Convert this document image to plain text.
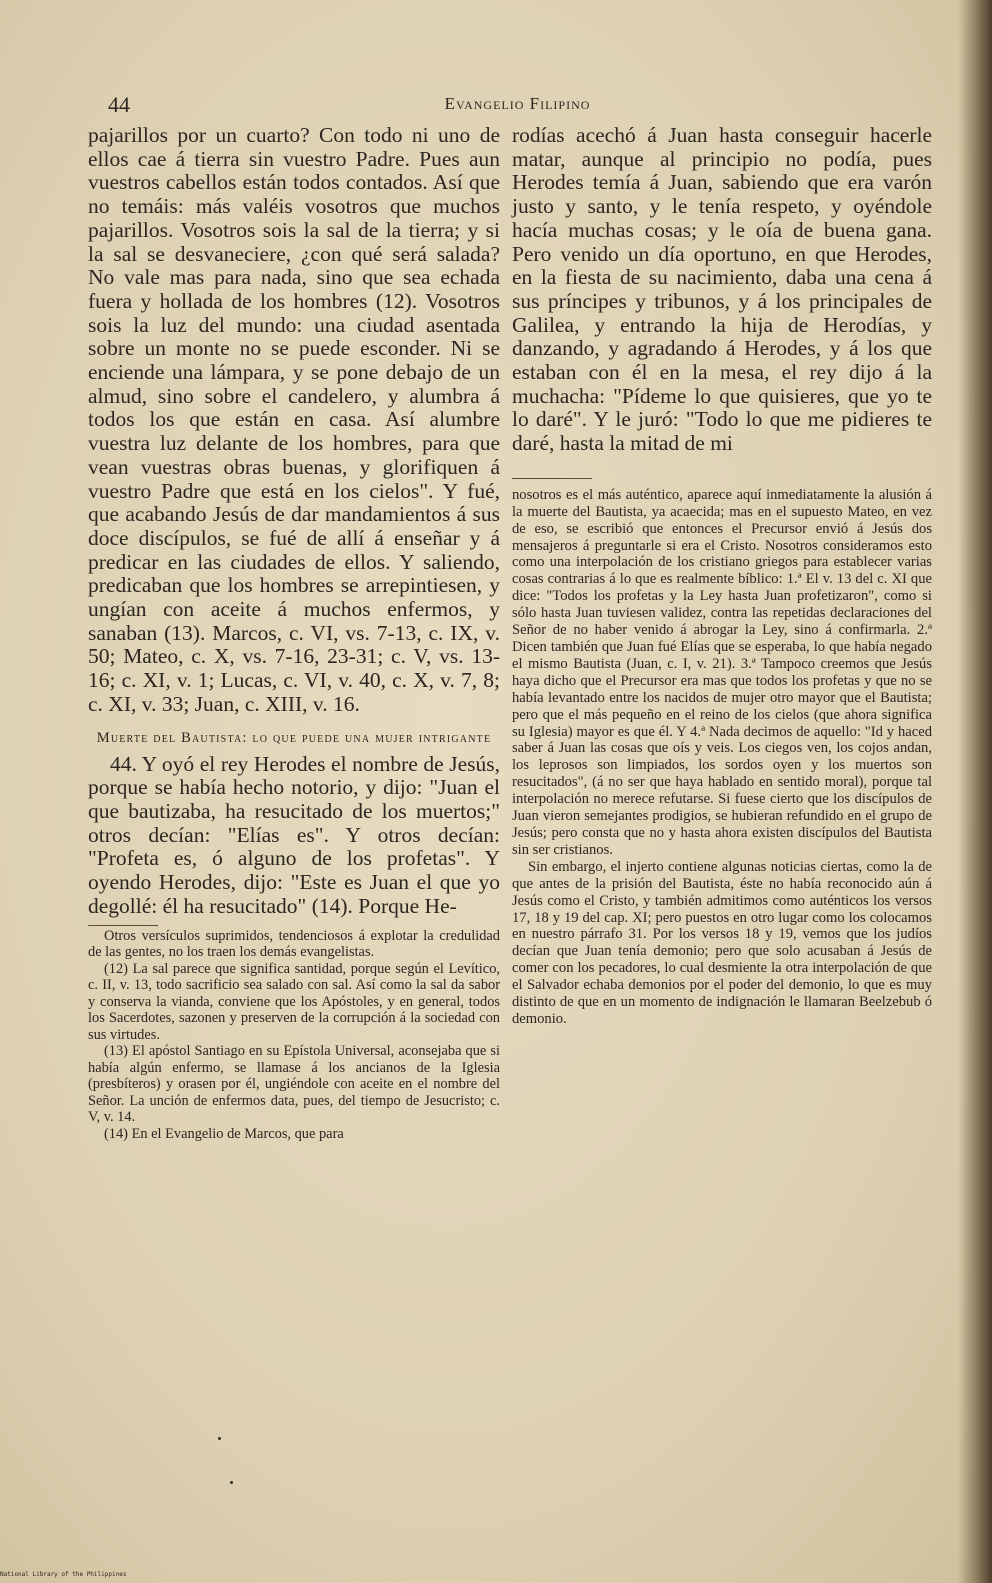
44	Evangelio Filipino

pajarillos por un cuarto? Con todo ni uno de ellos cae á tierra sin vuestro Padre. Pues aun vuestros cabellos están todos contados. Así que no temáis: más valéis vosotros que muchos pajarillos. Vosotros sois la sal de la tierra; y si la sal se desvaneciere, ¿con qué será salada? No vale mas para nada, sino que sea echada fuera y hollada de los hombres (12). Vosotros sois la luz del mundo: una ciudad asentada sobre un monte no se puede esconder. Ni se enciende una lámpara, y se pone debajo de un almud, sino sobre el candelero, y alumbra á todos los que están en casa. Así alumbre vuestra luz delante de los hombres, para que vean vuestras obras buenas, y glorifiquen á vuestro Padre que está en los cielos". Y fué, que acabando Jesús de dar mandamientos á sus doce discípulos, se fué de allí á enseñar y á predicar en las ciudades de ellos. Y saliendo, predicaban que los hombres se arrepintiesen, y ungían con aceite á muchos enfermos, y sanaban (13). Marcos, c. VI, vs. 7-13, c. IX, v. 50; Mateo, c. X, vs. 7-16, 23-31; c. V, vs. 13-16; c. XI, v. 1; Lucas, c. VI, v. 40, c. X, v. 7, 8; c. XI, v. 33; Juan, c. XIII, v. 16.

Muerte del Bautista: lo que puede una mujer intrigante

44. Y oyó el rey Herodes el nombre de Jesús, porque se había hecho notorio, y dijo: "Juan el que bautizaba, ha resucitado de los muertos;" otros decían: "Elías es". Y otros decían: "Profeta es, ó alguno de los profetas". Y oyendo Herodes, dijo: "Este es Juan el que yo degollé: él ha resucitado" (14). Porque He-

Otros versículos suprimidos, tendenciosos á explotar la credulidad de las gentes, no los traen los demás evangelistas.

(12) La sal parece que significa santidad, porque según el Levítico, c. II, v. 13, todo sacrificio sea salado con sal. Así como la sal da sabor y conserva la vianda, conviene que los Apóstoles, y en general, todos los Sacerdotes, sazonen y preserven de la corrupción á la sociedad con sus virtudes.

(13) El apóstol Santiago en su Epístola Universal, aconsejaba que si había algún enfermo, se llamase á los ancianos de la Iglesia (presbíteros) y orasen por él, ungiéndole con aceite en el nombre del Señor. La unción de enfermos data, pues, del tiempo de Jesucristo; c. V, v. 14.

(14) En el Evangelio de Marcos, que para

rodías acechó á Juan hasta conseguir hacerle matar, aunque al principio no podía, pues Herodes temía á Juan, sabiendo que era varón justo y santo, y le tenía respeto, y oyéndole hacía muchas cosas; y le oía de buena gana. Pero venido un día oportuno, en que Herodes, en la fiesta de su nacimiento, daba una cena á sus príncipes y tribunos, y á los principales de Galilea, y entrando la hija de Herodías, y danzando, y agradando á Herodes, y á los que estaban con él en la mesa, el rey dijo á la muchacha: "Pídeme lo que quisieres, que yo te lo daré". Y le juró: "Todo lo que me pidieres te daré, hasta la mitad de mi

nosotros es el más auténtico, aparece aquí inmediatamente la alusión á la muerte del Bautista, ya acaecida; mas en el supuesto Mateo, en vez de eso, se escribió que entonces el Precursor envió á Jesús dos mensajeros á preguntarle si era el Cristo. Nosotros consideramos esto como una interpolación de los cristiano griegos para establecer varias cosas contrarias á lo que es realmente bíblico: 1.ª El v. 13 del c. XI que dice: "Todos los profetas y la Ley hasta Juan profetizaron", como si sólo hasta Juan tuviesen validez, contra las repetidas declaraciones del Señor de no haber venido á abrogar la Ley, sino á confirmarla. 2.ª Dicen también que Juan fué Elías que se esperaba, lo que había negado el mismo Bautista (Juan, c. I, v. 21). 3.ª Tampoco creemos que Jesús haya dicho que el Precursor era mas que todos los profetas y que no se había levantado entre los nacidos de mujer otro mayor que el Bautista; pero que el más pequeño en el reino de los cielos (que ahora significa su Iglesia) mayor es que él. Y 4.ª Nada decimos de aquello: "Id y haced saber á Juan las cosas que oís y veis. Los ciegos ven, los cojos andan, los leprosos son limpiados, los sordos oyen y los muertos son resucitados", (á no ser que haya hablado en sentido moral), porque tal interpolación no merece refutarse. Si fuese cierto que los discípulos de Juan vieron semejantes prodigios, se hubieran refundido en el grupo de Jesús; pero consta que no y hasta ahora existen discípulos del Bautista sin ser cristianos.

Sin embargo, el injerto contiene algunas noticias ciertas, como la de que antes de la prisión del Bautista, éste no había reconocido aún á Jesús como el Cristo, y también admitimos como auténticos los versos 17, 18 y 19 del cap. XI; pero puestos en otro lugar como los colocamos en nuestro párrafo 31. Por los versos 18 y 19, vemos que los judíos decían que Juan tenía demonio; pero que solo acusaban á Jesús de comer con los pecadores, lo cual desmiente la otra interpolación de que el Salvador echaba demonios por el poder del demonio, lo que es muy distinto de que en un momento de indignación le llamaran Beelzebub ó demonio.

National Library of the Philippines
